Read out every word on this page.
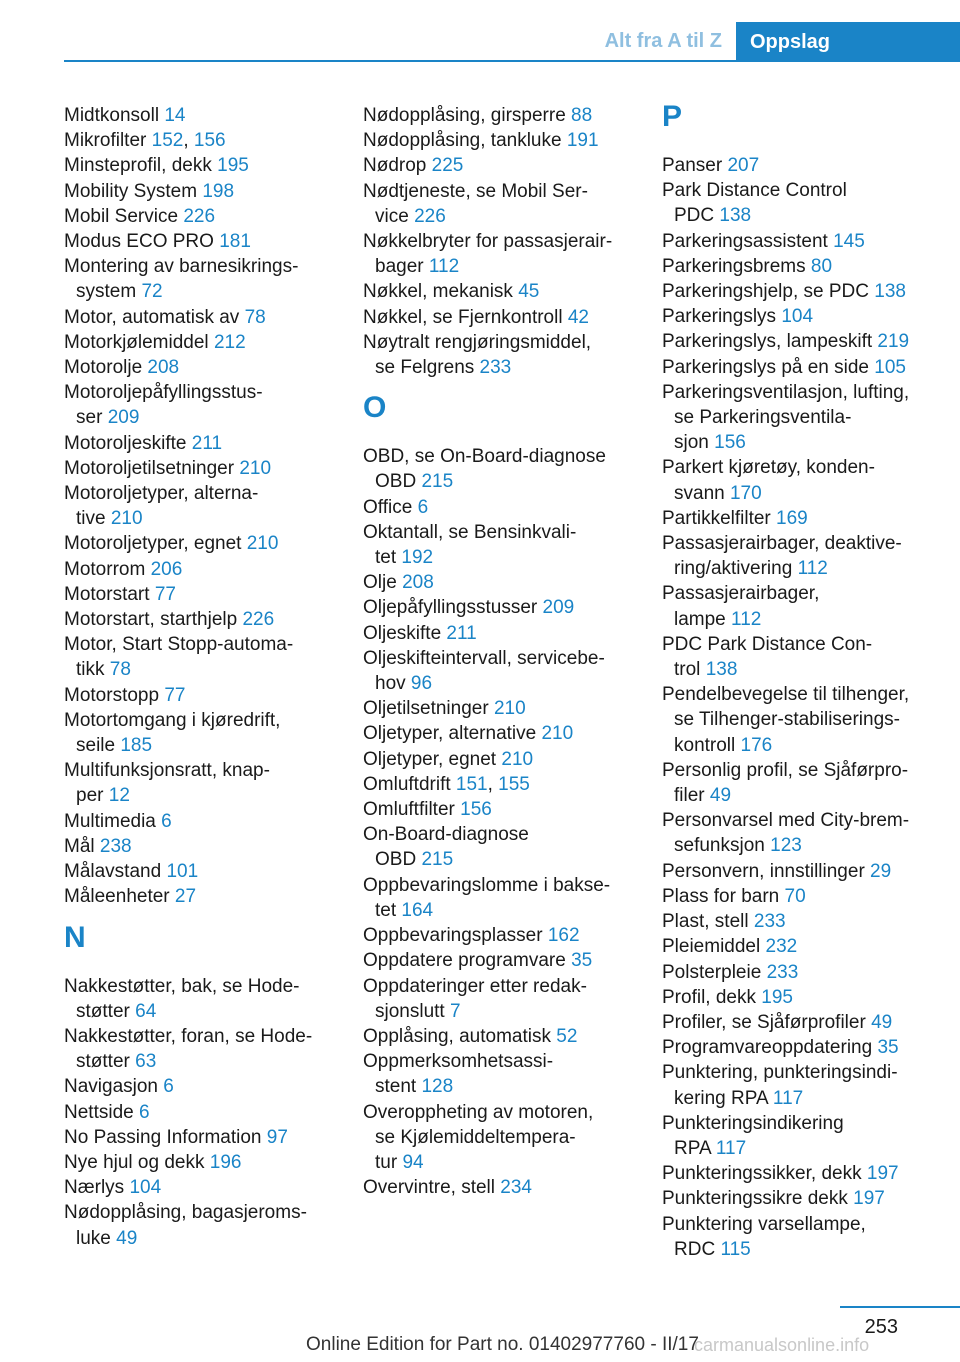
Alt fra A til Z	Oppslag
Midtkonsoll 14
Mikrofilter 152, 156
Minsteprofil, dekk 195
Mobility System 198
Mobil Service 226
Modus ECO PRO 181
Montering av barnesikrings-
system 72
Motor, automatisk av 78
Motorkjølemiddel 212
Motorolje 208
Motoroljepåfyllingsstus-
ser 209
Motoroljeskifte 211
Motoroljetilsetninger 210
Motoroljetyper, alterna-
tive 210
Motoroljetyper, egnet 210
Motorrom 206
Motorstart 77
Motorstart, starthjelp 226
Motor, Start Stopp-automa-
tikk 78
Motorstopp 77
Motortomgang i kjøredrift,
seile 185
Multifunksjonsratt, knap-
per 12
Multimedia 6
Mål 238
Målavstand 101
Måleenheter 27
N
Nakkestøtter, bak, se Hode-
støtter 64
Nakkestøtter, foran, se Hode-
støtter 63
Navigasjon 6
Nettside 6
No Passing Information 97
Nye hjul og dekk 196
Nærlys 104
Nødopplåsing, bagasjeroms-
luke 49
Nødopplåsing, girsperre 88
Nødopplåsing, tankluke 191
Nødrop 225
Nødtjeneste, se Mobil Ser-
vice 226
Nøkkelbryter for passasjerair-
bager 112
Nøkkel, mekanisk 45
Nøkkel, se Fjernkontroll 42
Nøytralt rengjøringsmiddel,
se Felgrens 233
O
OBD, se On-Board-diagnose
OBD 215
Office 6
Oktantall, se Bensinkvali-
tet 192
Olje 208
Oljepåfyllingsstusser 209
Oljeskifte 211
Oljeskifteintervall, servicebe-
hov 96
Oljetilsetninger 210
Oljetyper, alternative 210
Oljetyper, egnet 210
Omluftdrift 151, 155
Omluftfilter 156
On-Board-diagnose
OBD 215
Oppbevaringslomme i bakse-
tet 164
Oppbevaringsplasser 162
Oppdatere programvare 35
Oppdateringer etter redak-
sjonslutt 7
Opplåsing, automatisk 52
Oppmerksomhetsassi-
stent 128
Overoppheting av motoren,
se Kjølemiddeltempera-
tur 94
Overvintre, stell 234
P
Panser 207
Park Distance Control
PDC 138
Parkeringsassistent 145
Parkeringsbrems 80
Parkeringshjelp, se PDC 138
Parkeringslys 104
Parkeringslys, lampeskift 219
Parkeringslys på en side 105
Parkeringsventilasjon, lufting,
se Parkeringsventila-
sjon 156
Parkert kjøretøy, konden-
svann 170
Partikkelfilter 169
Passasjerairbager, deaktive-
ring/aktivering 112
Passasjerairbager,
lampe 112
PDC Park Distance Con-
trol 138
Pendelbevegelse til tilhenger,
se Tilhenger-stabiliserings-
kontroll 176
Personlig profil, se Sjåførpro-
filer 49
Personvarsel med City-brem-
sefunksjon 123
Personvern, innstillinger 29
Plass for barn 70
Plast, stell 233
Pleiemiddel 232
Polsterpleie 233
Profil, dekk 195
Profiler, se Sjåførprofiler 49
Programvareoppdatering 35
Punktering, punkteringsindi-
kering RPA 117
Punkteringsindikering
RPA 117
Punkteringssikker, dekk 197
Punkteringssikre dekk 197
Punktering varsellampe,
RDC 115
253
Online Edition for Part no. 01402977760 - II/17
carmanualsonline.info
